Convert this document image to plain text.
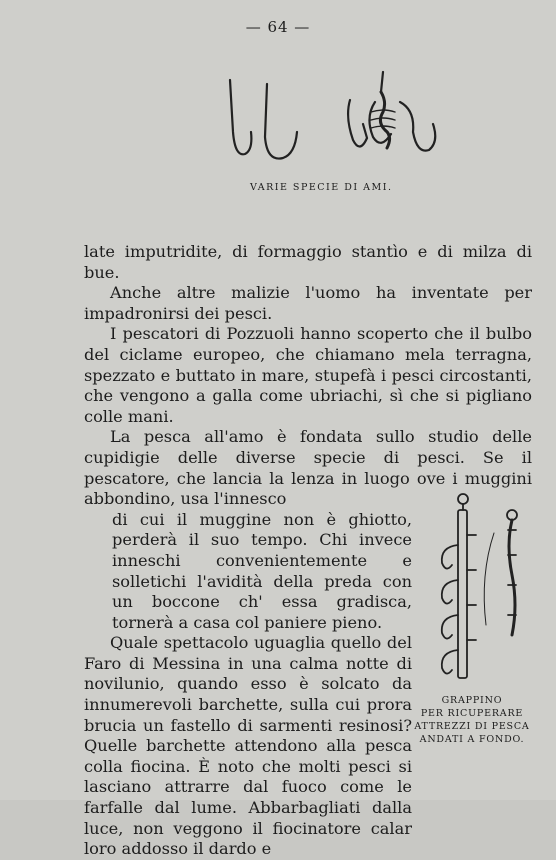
— 64 —
VARIE SPECIE DI AMI.

late imputridite, di formaggio stantìo e di milza di bue.

Anche altre malizie l'uomo ha inventate per impadronirsi dei pesci.

I pescatori di Pozzuoli hanno scoperto che il bulbo del ciclame europeo, che chiamano mela terragna, spezzato e buttato in mare, stupefà i pesci circostanti, che vengono a galla come ubriachi, sì che si pigliano colle mani.

La pesca all'amo è fondata sullo studio delle cupidigie delle diverse specie di pesci. Se il pescatore, che lancia la lenza in luogo ove i muggini abbondino, usa l'innesco

di cui il muggine non è ghiotto, perderà il suo tempo. Chi invece inneschi convenientemente e solletichi l'avidità della preda con un boccone ch' essa gradisca, tornerà a casa col paniere pieno.

Quale spettacolo uguaglia quello del Faro di Messina in una calma notte di novilunio, quando esso è solcato da innumerevoli barchette, sulla cui prora brucia un fastello di sarmenti resinosi? Quelle barchette attendono alla pesca colla fiocina. È noto che molti pesci si lasciano attrarre dal fuoco come le farfalle dal lume. Abbarbagliati dalla luce, non veggono il fiocinatore calar loro addosso il dardo e

GRAPPINO
PER RICUPERARE
ATTREZZI DI PESCA
ANDATI A FONDO.
